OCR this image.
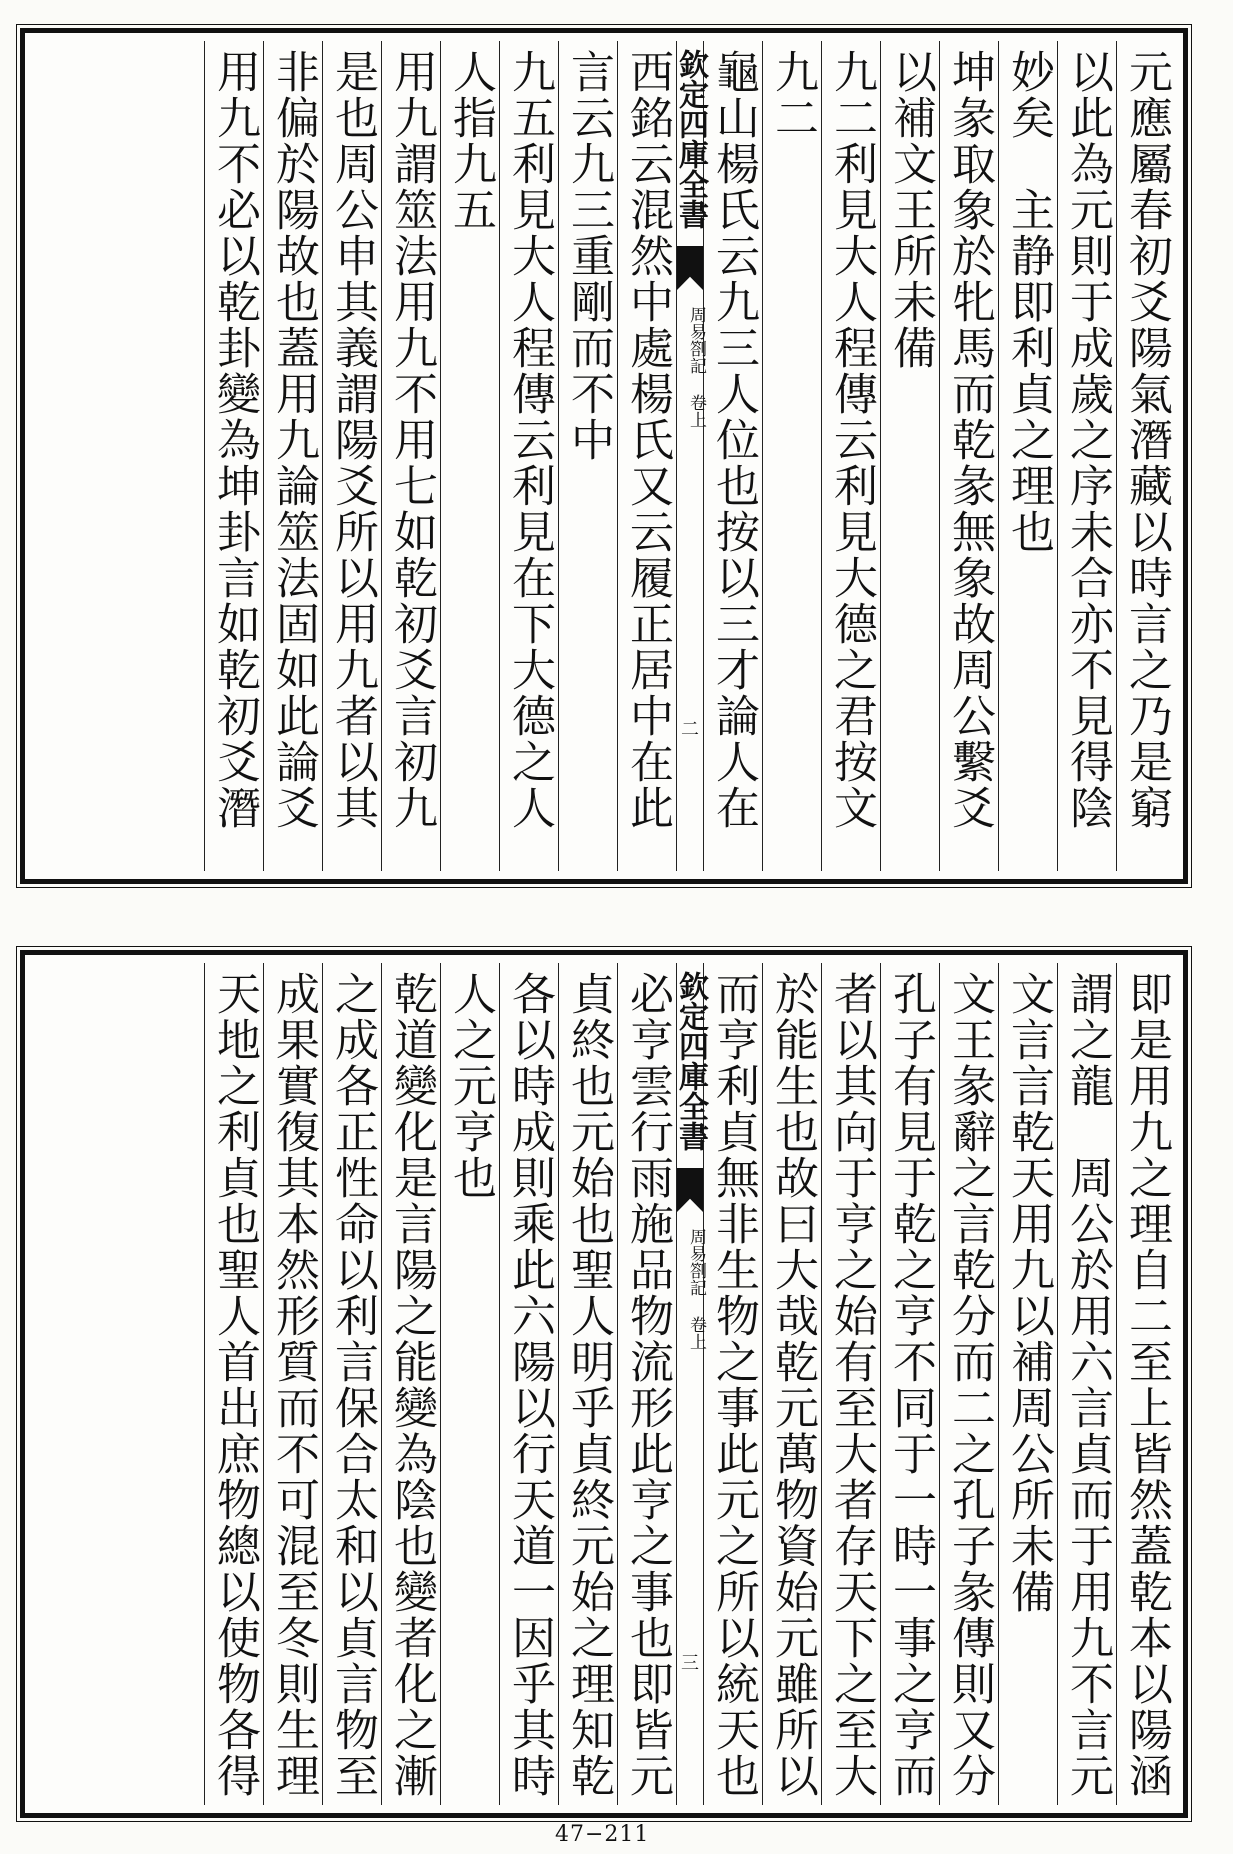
元應屬春初爻陽氣潛藏以時言之乃是窮
以此為元則于成歲之序未合亦不見得陰
妙矣　主静即利貞之理也
坤彖取象於牝馬而乾彖無象故周公繫爻
以補文王所未備
九二利見大人程傳云利見大德之君按文
九二
龜山楊氏云九三人位也按以三才論人在
欽定四庫全書
周易劄記 卷上
二
西銘云混然中處楊氏又云履正居中在此
言云九三重剛而不中
九五利見大人程傳云利見在下大德之人
人指九五
用九謂筮法用九不用七如乾初爻言初九
是也周公申其義謂陽爻所以用九者以其
非偏於陽故也蓋用九論筮法固如此論爻
用九不必以乾卦變為坤卦言如乾初爻潛
即是用九之理自二至上皆然蓋乾本以陽涵
謂之龍　周公於用六言貞而于用九不言元
文言言乾天用九以補周公所未備
文王彖辭之言乾分而二之孔子彖傳則又分
孔子有見于乾之亨不同于一時一事之亨而
者以其向于亨之始有至大者存天下之至大
於能生也故曰大哉乾元萬物資始元雖所以
而亨利貞無非生物之事此元之所以統天也
欽定四庫全書
周易劄記 卷上
三
必亨雲行雨施品物流形此亨之事也即皆元
貞終也元始也聖人明乎貞終元始之理知乾
各以時成則乘此六陽以行天道一因乎其時
人之元亨也
乾道變化是言陽之能變為陰也變者化之漸
之成各正性命以利言保合太和以貞言物至
成果實復其本然形質而不可混至冬則生理
天地之利貞也聖人首出庶物總以使物各得
47−211
